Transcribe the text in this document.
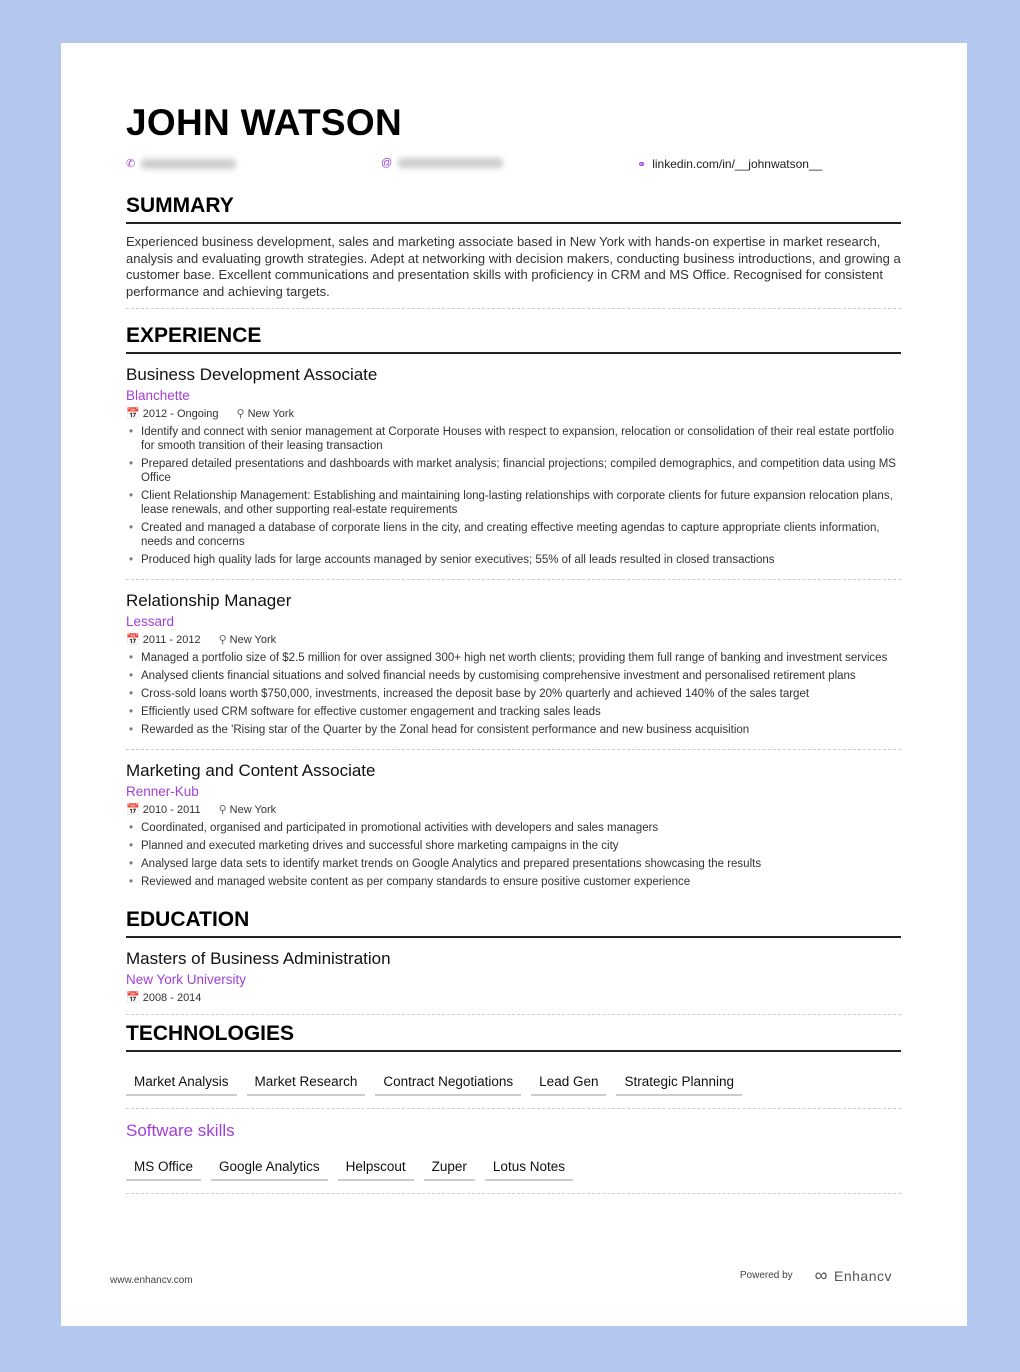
JOHN WATSON
✆	@	⚭ linkedin.com/in/__johnwatson__
SUMMARY
Experienced business development, sales and marketing associate based in New York with hands-on expertise in market research, analysis and evaluating growth strategies. Adept at networking with decision makers, conducting business introductions, and growing a customer base. Excellent communications and presentation skills with proficiency in CRM and MS Office. Recognised for consistent performance and achieving targets.
EXPERIENCE
Business Development Associate
Blanchette
📅 2012 - Ongoing ⚲ New York
• Identify and connect with senior management at Corporate Houses with respect to expansion, relocation or consolidation of their real estate portfolio for smooth transition of their leasing transaction
• Prepared detailed presentations and dashboards with market analysis; financial projections; compiled demographics, and competition data using MS Office
• Client Relationship Management: Establishing and maintaining long-lasting relationships with corporate clients for future expansion relocation plans, lease renewals, and other supporting real-estate requirements
• Created and managed a database of corporate liens in the city, and creating effective meeting agendas to capture appropriate clients information, needs and concerns
• Produced high quality lads for large accounts managed by senior executives; 55% of all leads resulted in closed transactions
Relationship Manager
Lessard
📅 2011 - 2012 ⚲ New York
• Managed a portfolio size of $2.5 million for over assigned 300+ high net worth clients; providing them full range of banking and investment services
• Analysed clients financial situations and solved financial needs by customising comprehensive investment and personalised retirement plans
• Cross-sold loans worth $750,000, investments, increased the deposit base by 20% quarterly and achieved 140% of the sales target
• Efficiently used CRM software for effective customer engagement and tracking sales leads
• Rewarded as the 'Rising star of the Quarter by the Zonal head for consistent performance and new business acquisition
Marketing and Content Associate
Renner-Kub
📅 2010 - 2011 ⚲ New York
• Coordinated, organised and participated in promotional activities with developers and sales managers
• Planned and executed marketing drives and successful shore marketing campaigns in the city
• Analysed large data sets to identify market trends on Google Analytics and prepared presentations showcasing the results
• Reviewed and managed website content as per company standards to ensure positive customer experience
EDUCATION
Masters of Business Administration
New York University
📅 2008 - 2014
TECHNOLOGIES
Market Analysis	Market Research	Contract Negotiations	Lead Gen	Strategic Planning
Software skills
MS Office	Google Analytics	Helpscout	Zuper	Lotus Notes
www.enhancv.com	Powered by ∞ Enhancv
